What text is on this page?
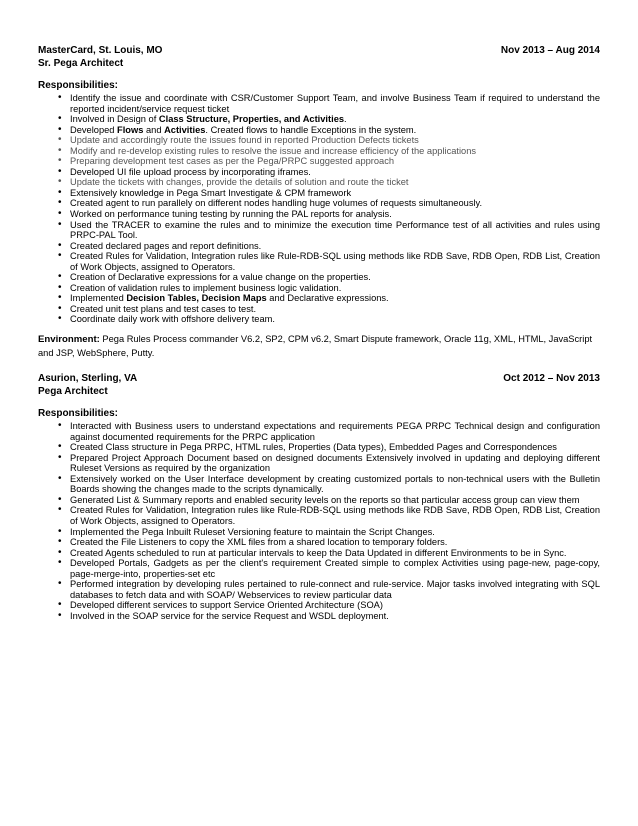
MasterCard, St. Louis, MO	Nov 2013 – Aug 2014
Sr. Pega Architect
Responsibilities:
• Identify the issue and coordinate with CSR/Customer Support Team, and involve Business Team if required to understand the reported incident/service request ticket
• Involved in Design of Class Structure, Properties, and Activities.
• Developed Flows and Activities. Created flows to handle Exceptions in the system.
• Update and accordingly route the issues found in reported Production Defects tickets
• Modify and re-develop existing rules to resolve the issue and increase efficiency of the applications
• Preparing development test cases as per the Pega/PRPC suggested approach
• Developed UI file upload process by incorporating iframes.
• Update the tickets with changes, provide the details of solution and route the ticket
• Extensively knowledge in Pega Smart Investigate & CPM framework
• Created agent to run parallely on different nodes handling huge volumes of requests simultaneously.
• Worked on performance tuning testing by running the PAL reports for analysis.
• Used the TRACER to examine the rules and to minimize the execution time Performance test of all activities and rules using PRPC-PAL Tool.
• Created declared pages and report definitions.
• Created Rules for Validation, Integration rules like Rule-RDB-SQL using methods like RDB Save, RDB Open, RDB List, Creation of Work Objects, assigned to Operators.
• Creation of Declarative expressions for a value change on the properties.
• Creation of validation rules to implement business logic validation.
• Implemented Decision Tables, Decision Maps and Declarative expressions.
• Created unit test plans and test cases to test.
• Coordinate daily work with offshore delivery team.

Environment: Pega Rules Process commander V6.2, SP2, CPM v6.2, Smart Dispute framework, Oracle 11g, XML, HTML, JavaScript and JSP, WebSphere, Putty.

Asurion, Sterling, VA	Oct 2012 – Nov 2013
Pega Architect
Responsibilities:
• Interacted with Business users to understand expectations and requirements PEGA PRPC Technical design and configuration against documented requirements for the PRPC application
• Created Class structure in Pega PRPC, HTML rules, Properties (Data types), Embedded Pages and Correspondences
• Prepared Project Approach Document based on designed documents Extensively involved in updating and deploying different Ruleset Versions as required by the organization
• Extensively worked on the User Interface development by creating customized portals to non-technical users with the Bulletin Boards showing the changes made to the scripts dynamically.
• Generated List & Summary reports and enabled security levels on the reports so that particular access group can view them
• Created Rules for Validation, Integration rules like Rule-RDB-SQL using methods like RDB Save, RDB Open, RDB List, Creation of Work Objects, assigned to Operators.
• Implemented the Pega Inbuilt Ruleset Versioning feature to maintain the Script Changes.
• Created the File Listeners to copy the XML files from a shared location to temporary folders.
• Created Agents scheduled to run at particular intervals to keep the Data Updated in different Environments to be in Sync.
• Developed Portals, Gadgets as per the client's requirement Created simple to complex Activities using page-new, page-copy, page-merge-into, properties-set etc
• Performed integration by developing rules pertained to rule-connect and rule-service. Major tasks involved integrating with SQL databases to fetch data and with SOAP/ Webservices to review particular data
• Developed different services to support Service Oriented Architecture (SOA)
• Involved in the SOAP service for the service Request and WSDL deployment.
